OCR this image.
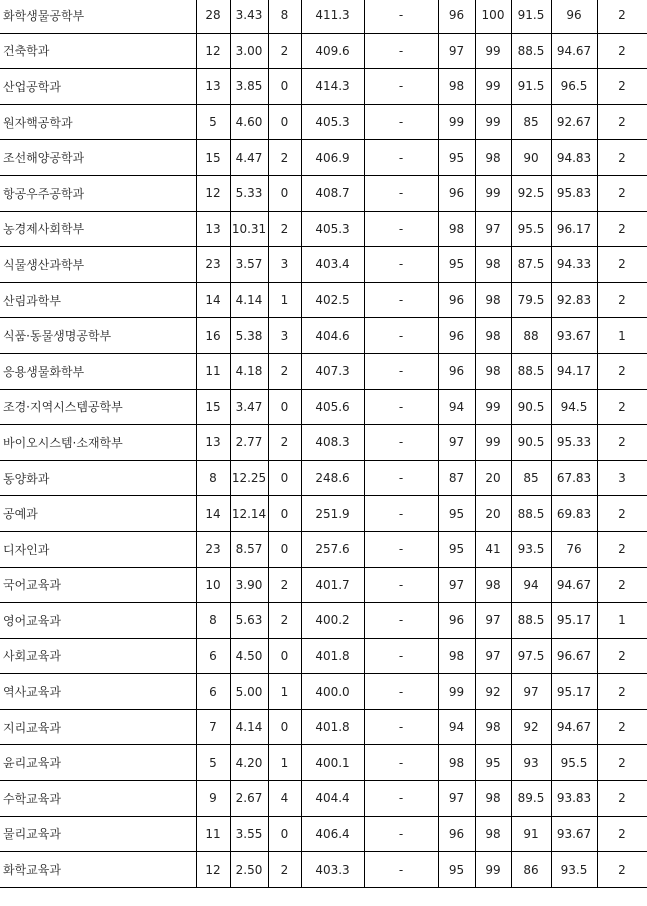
화학생물공학부	28	3.43	8	411.3	-	96	100	91.5	96	2
건축학과	12	3.00	2	409.6	-	97	99	88.5	94.67	2
산업공학과	13	3.85	0	414.3	-	98	99	91.5	96.5	2
원자핵공학과	5	4.60	0	405.3	-	99	99	85	92.67	2
조선해양공학과	15	4.47	2	406.9	-	95	98	90	94.83	2
항공우주공학과	12	5.33	0	408.7	-	96	99	92.5	95.83	2
농경제사회학부	13	10.31	2	405.3	-	98	97	95.5	96.17	2
식물생산과학부	23	3.57	3	403.4	-	95	98	87.5	94.33	2
산림과학부	14	4.14	1	402.5	-	96	98	79.5	92.83	2
식품·동물생명공학부	16	5.38	3	404.6	-	96	98	88	93.67	1
응용생물화학부	11	4.18	2	407.3	-	96	98	88.5	94.17	2
조경·지역시스템공학부	15	3.47	0	405.6	-	94	99	90.5	94.5	2
바이오시스템·소재학부	13	2.77	2	408.3	-	97	99	90.5	95.33	2
동양화과	8	12.25	0	248.6	-	87	20	85	67.83	3
공예과	14	12.14	0	251.9	-	95	20	88.5	69.83	2
디자인과	23	8.57	0	257.6	-	95	41	93.5	76	2
국어교육과	10	3.90	2	401.7	-	97	98	94	94.67	2
영어교육과	8	5.63	2	400.2	-	96	97	88.5	95.17	1
사회교육과	6	4.50	0	401.8	-	98	97	97.5	96.67	2
역사교육과	6	5.00	1	400.0	-	99	92	97	95.17	2
지리교육과	7	4.14	0	401.8	-	94	98	92	94.67	2
윤리교육과	5	4.20	1	400.1	-	98	95	93	95.5	2
수학교육과	9	2.67	4	404.4	-	97	98	89.5	93.83	2
물리교육과	11	3.55	0	406.4	-	96	98	91	93.67	2
화학교육과	12	2.50	2	403.3	-	95	99	86	93.5	2
